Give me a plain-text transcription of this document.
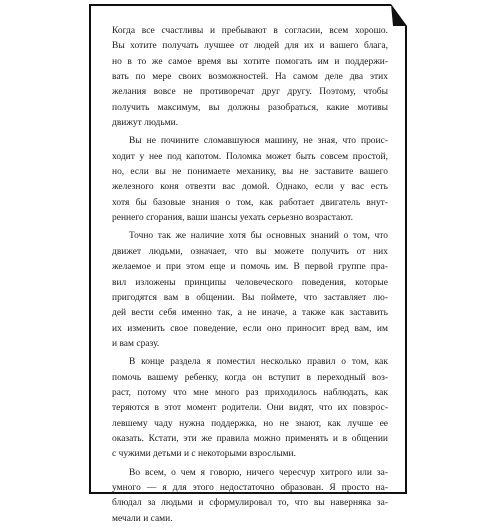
Когда все счастливы и пребывают в согласии, всем хорошо.
Вы хотите получать лучшее от людей для их и вашего блага,
но в то же самое время вы хотите помогать им и поддержи-
вать по мере своих возможностей. На самом деле два этих
желания вовсе не противоречат друг другу. Поэтому, чтобы
получить максимум, вы должны разобраться, какие мотивы
движут людьми.
Вы не почините сломавшуюся машину, не зная, что проис-
ходит у нее под капотом. Поломка может быть совсем простой,
но, если вы не понимаете механику, вы не заставите вашего
железного коня отвезти вас домой. Однако, если у вас есть
хотя бы базовые знания о том, как работает двигатель внут-
реннего сгорания, ваши шансы уехать серьезно возрастают.
Точно так же наличие хотя бы основных знаний о том, что
движет людьми, означает, что вы можете получить от них
желаемое и при этом еще и помочь им. В первой группе пра-
вил изложены принципы человеческого поведения, которые
пригодятся вам в общении. Вы поймете, что заставляет лю-
дей вести себя именно так, а не иначе, а также как заставить
их изменить свое поведение, если оно приносит вред вам, им
и вам сразу.
В конце раздела я поместил несколько правил о том, как
помочь вашему ребенку, когда он вступит в переходный воз-
раст, потому что мне много раз приходилось наблюдать, как
теряются в этот момент родители. Они видят, что их повзрос-
левшему чаду нужна поддержка, но не знают, как лучше ее
оказать. Кстати, эти же правила можно применять и в общении
с чужими детьми и с некоторыми взрослыми.
Во всем, о чем я говорю, ничего чересчур хитрого или за-
умного — я для этого недостаточно образован. Я просто на-
блюдал за людьми и сформулировал то, что вы наверняка за-
мечали и сами.
